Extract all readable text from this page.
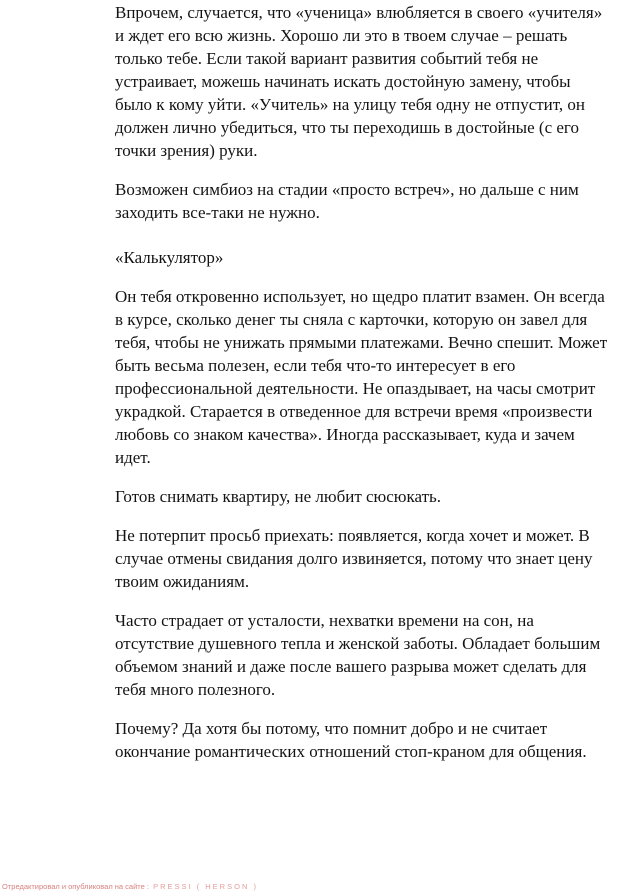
Впрочем, случается, что «ученица» влюбляется в своего «учителя» и ждет его всю жизнь. Хорошо ли это в твоем случае – решать только тебе. Если такой вариант развития событий тебя не устраивает, можешь начинать искать достойную замену, чтобы было к кому уйти. «Учитель» на улицу тебя одну не отпустит, он должен лично убедиться, что ты переходишь в достойные (с его точки зрения) руки.

Возможен симбиоз на стадии «просто встреч», но дальше с ним заходить все-таки не нужно.

«Калькулятор»

Он тебя откровенно использует, но щедро платит взамен. Он всегда в курсе, сколько денег ты сняла с карточки, которую он завел для тебя, чтобы не унижать прямыми платежами. Вечно спешит. Может быть весьма полезен, если тебя что-то интересует в его профессиональной деятельности. Не опаздывает, на часы смотрит украдкой. Старается в отведенное для встречи время «произвести любовь со знаком качества». Иногда рассказывает, куда и зачем идет.

Готов снимать квартиру, не любит сюсюкать.

Не потерпит просьб приехать: появляется, когда хочет и может. В случае отмены свидания долго извиняется, потому что знает цену твоим ожиданиям.

Часто страдает от усталости, нехватки времени на сон, на отсутствие душевного тепла и женской заботы. Обладает большим объемом знаний и даже после вашего разрыва может сделать для тебя много полезного.

Почему? Да хотя бы потому, что помнит добро и не считает окончание романтических отношений стоп-краном для общения.

Отредактировал и опубликовал на сайте : PRESSI ( HERSON )
